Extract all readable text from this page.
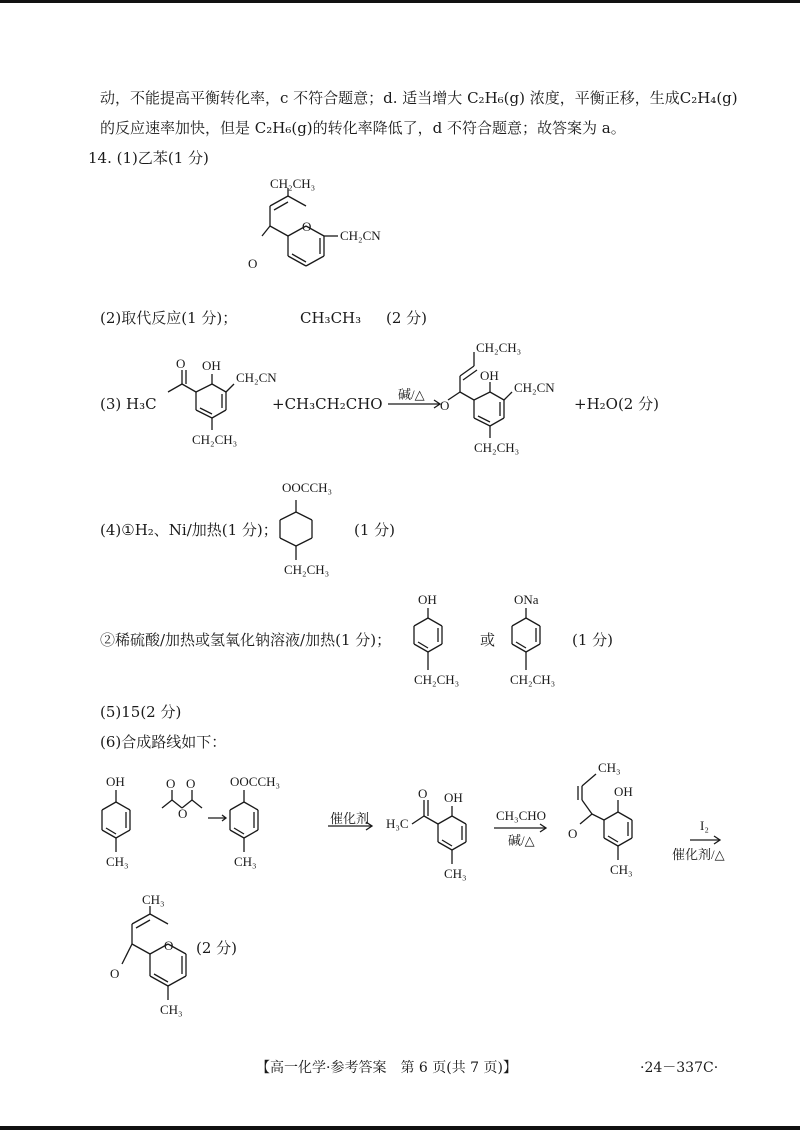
动，不能提高平衡转化率，c 不符合题意；d. 适当增大 C₂H₆(g) 浓度，平衡正移，生成C₂H₄(g)
的反应速率加快，但是 C₂H₆(g)的转化率降低了，d 不符合题意；故答案为 a。
14. (1)乙苯(1 分)
CH₂CH₃
O
CH₂CN
O
(2)取代反应(1 分)；	CH₃CH₃ (2 分)
(3) H₃C
O OH
CH₂CN
CH₂CH₃
+CH₃CH₂CHO
碱/△
CH₂CH₃
OH
CH₂CN
O
CH₂CH₃
+H₂O(2 分)
OOCCH₃
(4)①H₂、Ni/加热(1 分)；	(1 分)
CH₂CH₃
OH	ONa
②稀硫酸/加热或氢氧化钠溶液/加热(1 分)；	或	(1 分)
CH₂CH₃	CH₂CH₃
(5)15(2 分)
(6)合成路线如下：
OH
CH₃
O O
O
OOCCH₃
CH₃
催化剂
O OH
H₃C
CH₃
CH₃CHO
碱/△
CH₃
OH
O
CH₃
I₂
催化剂/△
CH₃
O
O
CH₃
(2 分)
【高一化学·参考答案　第 6 页(共 7 页)】	·24－337C·
